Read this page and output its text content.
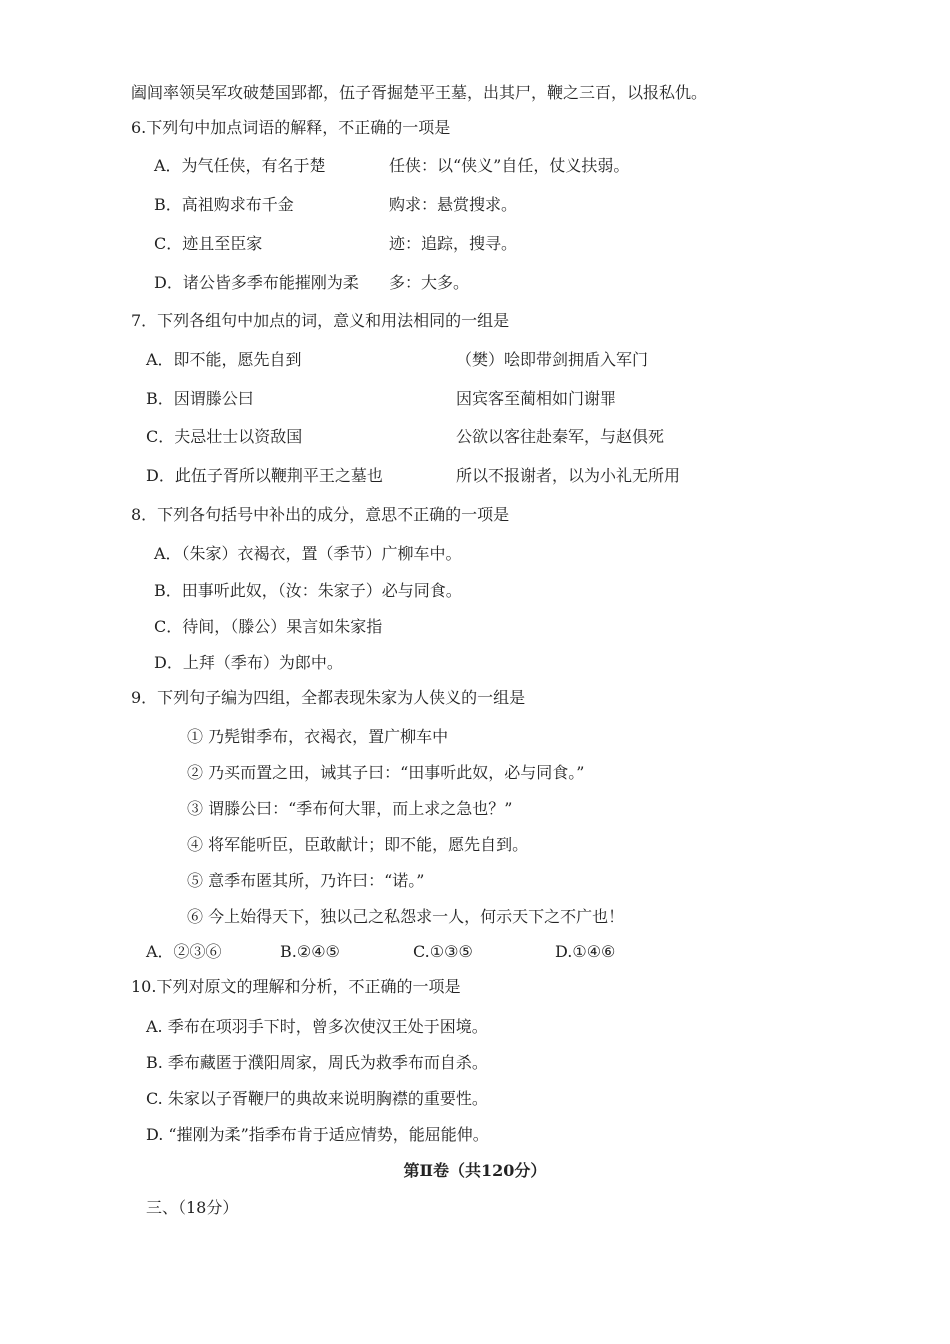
阖闾率领吴军攻破楚国郢都，伍子胥掘楚平王墓，出其尸，鞭之三百，以报私仇。
6.下列句中加点词语的解释，不正确的一项是
A．为气任侠，有名于楚	任侠：以“侠义”自任，仗义扶弱。
B．高祖购求布千金	购求：悬赏搜求。
C．迹且至臣家	迹：追踪，搜寻。
D．诸公皆多季布能摧刚为柔 多：大多。
7．下列各组句中加点的词，意义和用法相同的一组是
A．即不能，愿先自到	（樊）哙即带剑拥盾入军门
B．因谓滕公曰	因宾客至蔺相如门谢罪
C．夫忌壮士以资敌国	公欲以客往赴秦军，与赵俱死
D．此伍子胥所以鞭荆平王之墓也	所以不报谢者，以为小礼无所用
8．下列各句括号中补出的成分，意思不正确的一项是
A．（朱家）衣褐衣，置（季节）广柳车中。
B．田事听此奴，（汝：朱家子）必与同食。
C．待间，（滕公）果言如朱家指
D．上拜（季布）为郎中。
9．下列句子编为四组，全都表现朱家为人侠义的一组是
① 乃髡钳季布，衣褐衣，置广柳车中
② 乃买而置之田，诫其子曰：“田事听此奴，必与同食。”
③ 谓滕公曰：“季布何大罪，而上求之急也？”
④ 将军能听臣，臣敢献计；即不能，愿先自到。
⑤ 意季布匿其所，乃许曰：“诺。”
⑥ 今上始得天下，独以己之私怨求一人，何示天下之不广也！
A．②③⑥	B.②④⑤	C.①③⑤	D.①④⑥
10.下列对原文的理解和分析，不正确的一项是
A. 季布在项羽手下时，曾多次使汉王处于困境。
B. 季布藏匿于濮阳周家，周氏为救季布而自杀。
C. 朱家以子胥鞭尸的典故来说明胸襟的重要性。
D. “摧刚为柔”指季布肯于适应情势，能屈能伸。
第Ⅱ卷（共120分）
三、（18分）
